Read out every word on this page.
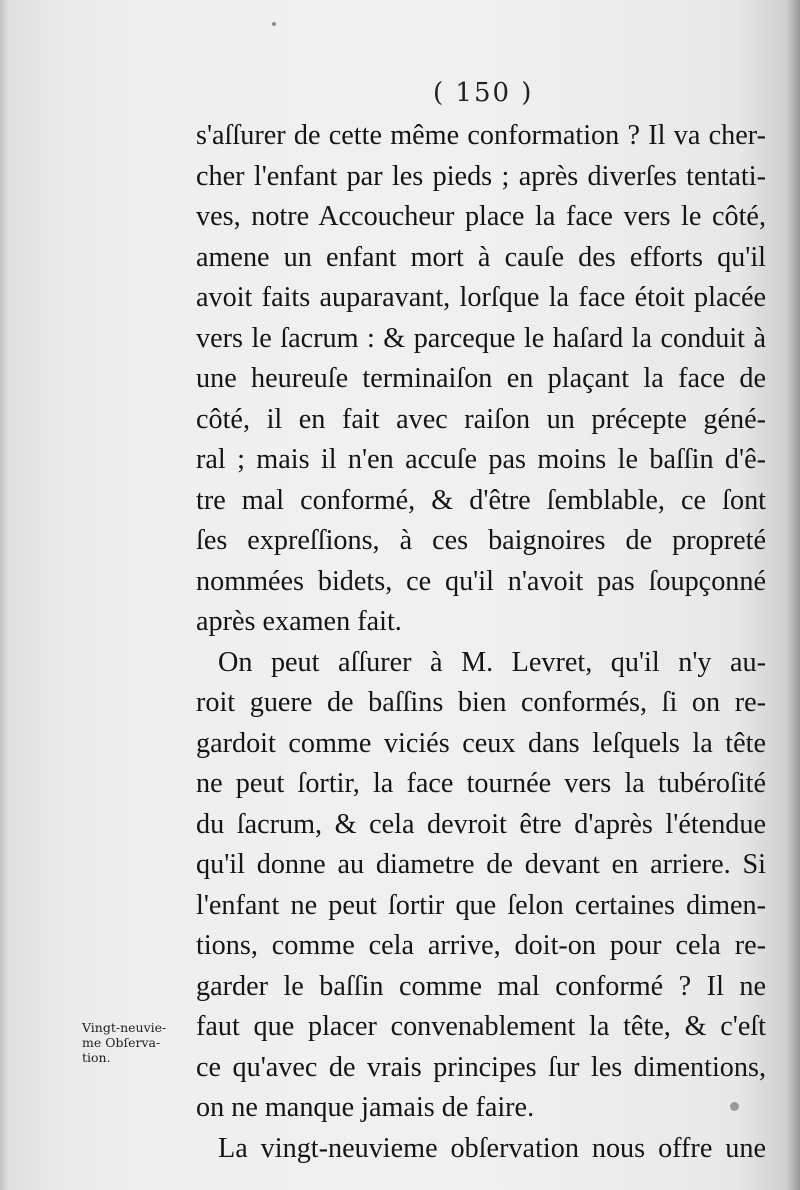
( 150 )
s'aſſurer de cette même conformation ? Il va cher-
cher l'enfant par les pieds ; après diverſes tentati-
ves, notre Accoucheur place la face vers le côté,
amene un enfant mort à cauſe des efforts qu'il
avoit faits auparavant, lorſque la face étoit placée
vers le ſacrum : & parceque le haſard la conduit à
une heureuſe terminaiſon en plaçant la face de
côté, il en fait avec raiſon un précepte géné-
ral ; mais il n'en accuſe pas moins le baſſin d'ê-
tre mal conformé, & d'être ſemblable, ce ſont
ſes expreſſions, à ces baignoires de propreté
nommées bidets, ce qu'il n'avoit pas ſoupçonné
après examen fait.
On peut aſſurer à M. Levret, qu'il n'y au-
roit guere de baſſins bien conformés, ſi on re-
gardoit comme viciés ceux dans leſquels la tête
ne peut ſortir, la face tournée vers la tubéroſité
du ſacrum, & cela devroit être d'après l'étendue
qu'il donne au diametre de devant en arriere. Si
l'enfant ne peut ſortir que ſelon certaines dimen-
tions, comme cela arrive, doit-on pour cela re-
garder le baſſin comme mal conformé ? Il ne
faut que placer convenablement la tête, & c'eſt
ce qu'avec de vrais principes ſur les dimentions,
on ne manque jamais de faire.
La vingt-neuvieme obſervation nous offre une
Vingt-neuvie-
me Obſerva-
tion.
